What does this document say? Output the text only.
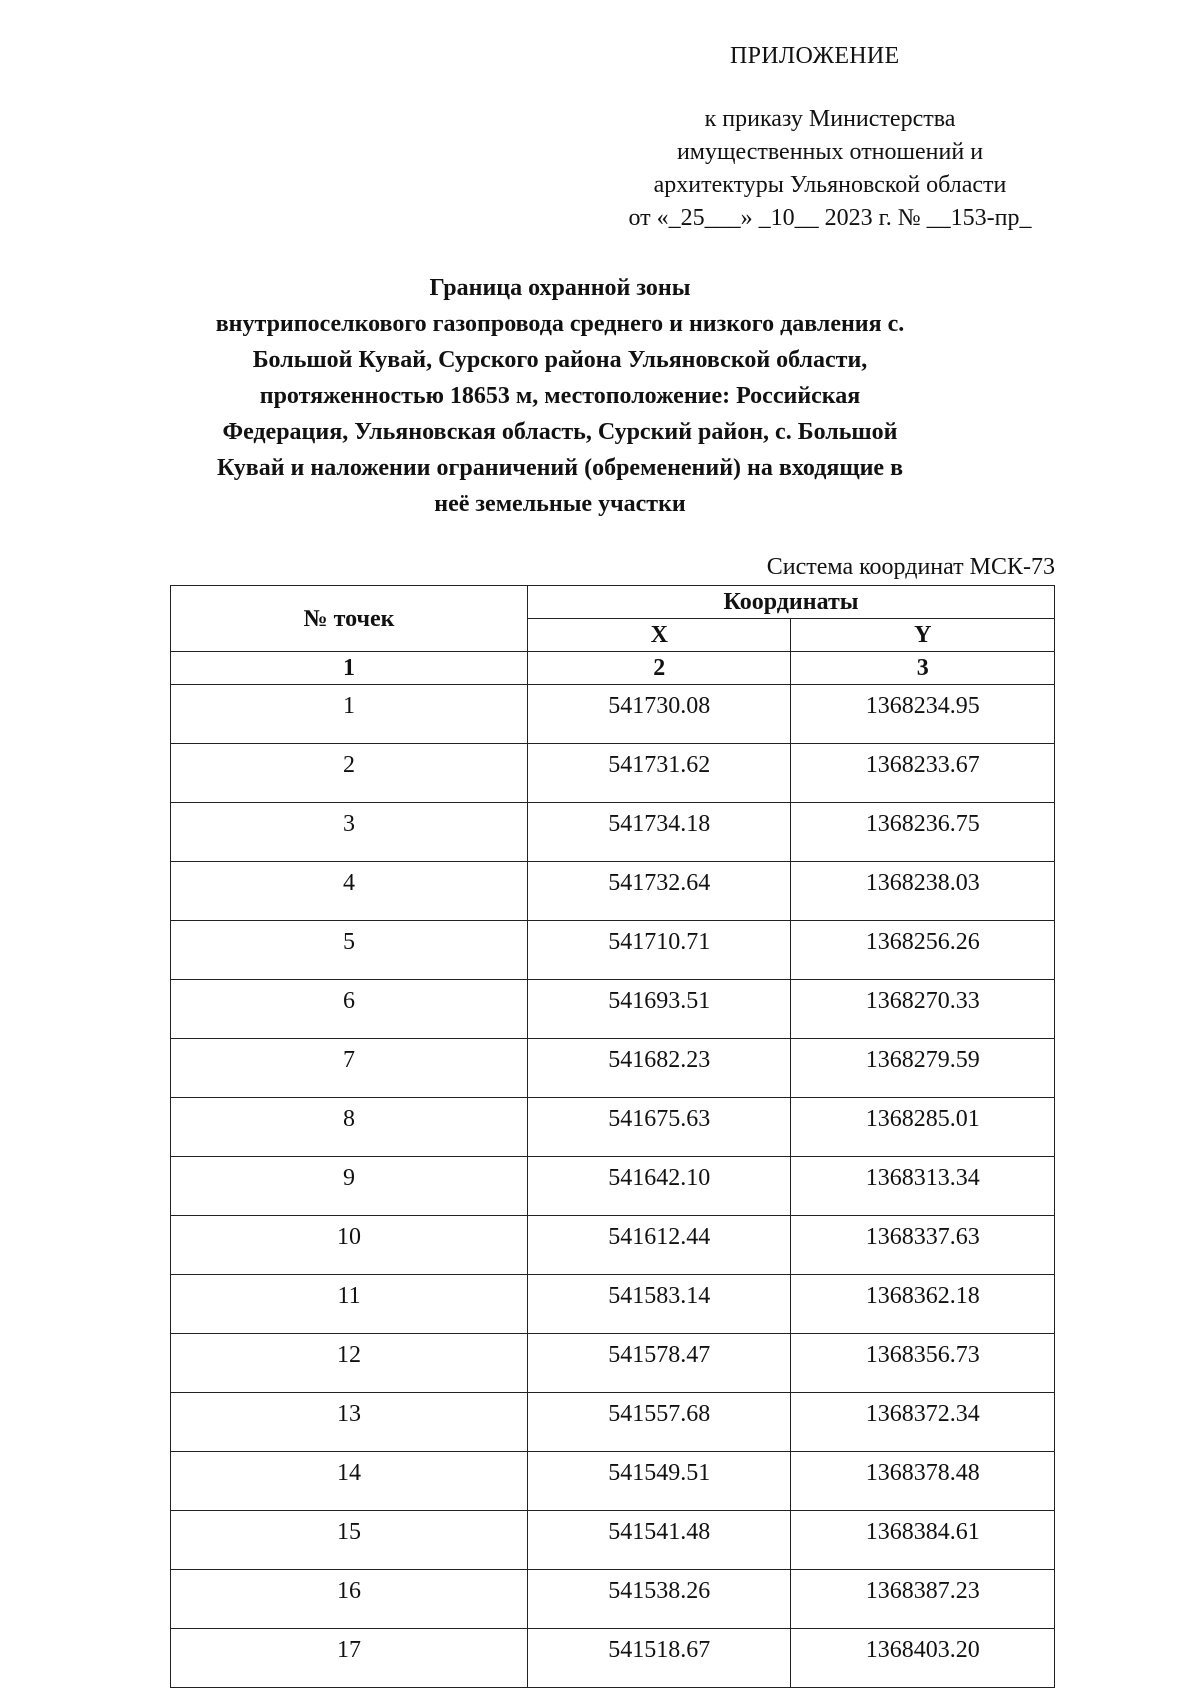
ПРИЛОЖЕНИЕ
к приказу Министерства
имущественных отношений и
архитектуры Ульяновской области
от «_25___» _10__ 2023 г. № __153-пр_
Граница охранной зоны
внутрипоселкового газопровода среднего и низкого давления с.
Большой Кувай, Сурского района Ульяновской области,
протяженностью 18653 м, местоположение: Российская
Федерация, Ульяновская область, Сурский район, с. Большой
Кувай и наложении ограничений (обременений) на входящие в
неё земельные участки
Система координат МСК-73
№ точек	Координаты	
	X	Y
1	2	3
1	541730.08	1368234.95
2	541731.62	1368233.67
3	541734.18	1368236.75
4	541732.64	1368238.03
5	541710.71	1368256.26
6	541693.51	1368270.33
7	541682.23	1368279.59
8	541675.63	1368285.01
9	541642.10	1368313.34
10	541612.44	1368337.63
11	541583.14	1368362.18
12	541578.47	1368356.73
13	541557.68	1368372.34
14	541549.51	1368378.48
15	541541.48	1368384.61
16	541538.26	1368387.23
17	541518.67	1368403.20
